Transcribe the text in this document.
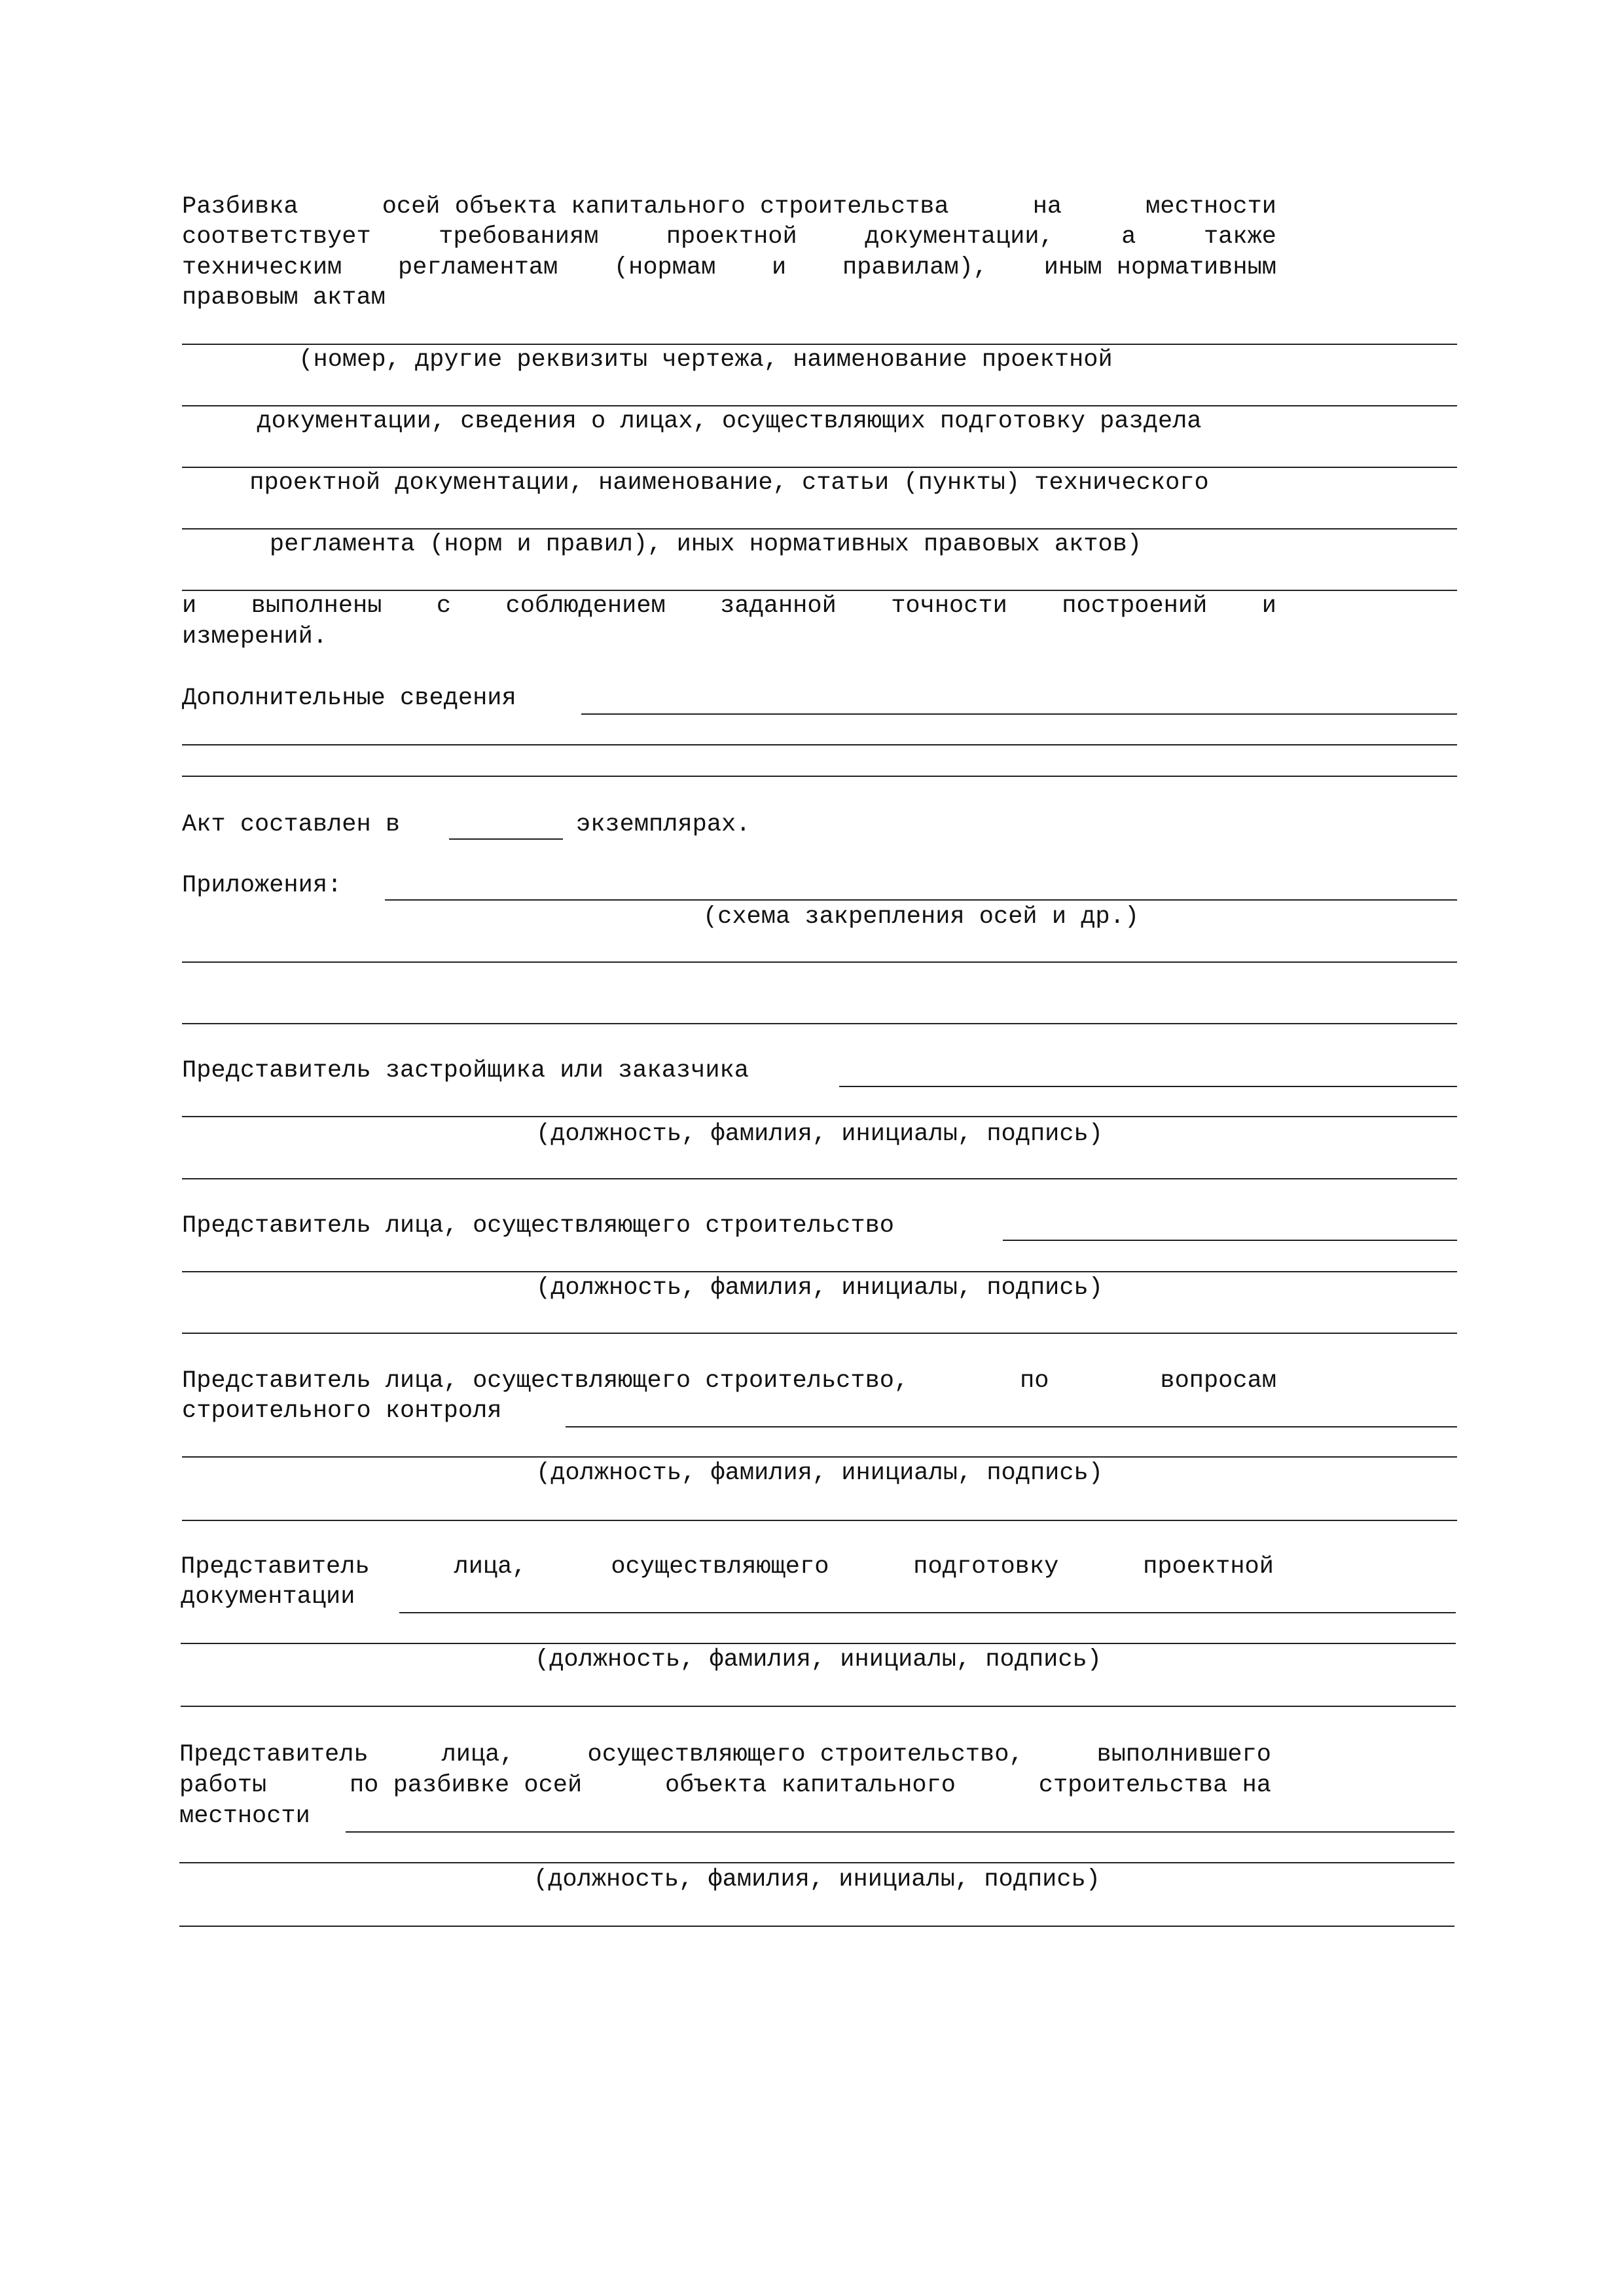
Разбивка	осей объекта капитального строительства	на	местности
соответствует	требованиям	проектной	документации,	а	также
техническим регламентам (нормам и правилам), иным нормативным
правовым актам
(номер, другие реквизиты чертежа, наименование проектной
документации, сведения о лицах, осуществляющих подготовку раздела
проектной документации, наименование, статьи (пункты) технического
регламента (норм и правил), иных нормативных правовых актов)
и выполнены с соблюдением заданной точности построений и
измерений.
Дополнительные сведения
Акт составлен в	экземплярах.
Приложения:
(схема закрепления осей и др.)
Представитель застройщика или заказчика
(должность, фамилия, инициалы, подпись)
Представитель лица, осуществляющего строительство
(должность, фамилия, инициалы, подпись)
Представитель лица, осуществляющего строительство,	по	вопросам
строительного контроля
(должность, фамилия, инициалы, подпись)
Представитель	лица,	осуществляющего	подготовку	проектной
документации
(должность, фамилия, инициалы, подпись)
Представитель	лица,	осуществляющего строительство,	выполнившего
работы	по разбивке осей	объекта капитального	строительства на
местности
(должность, фамилия, инициалы, подпись)
